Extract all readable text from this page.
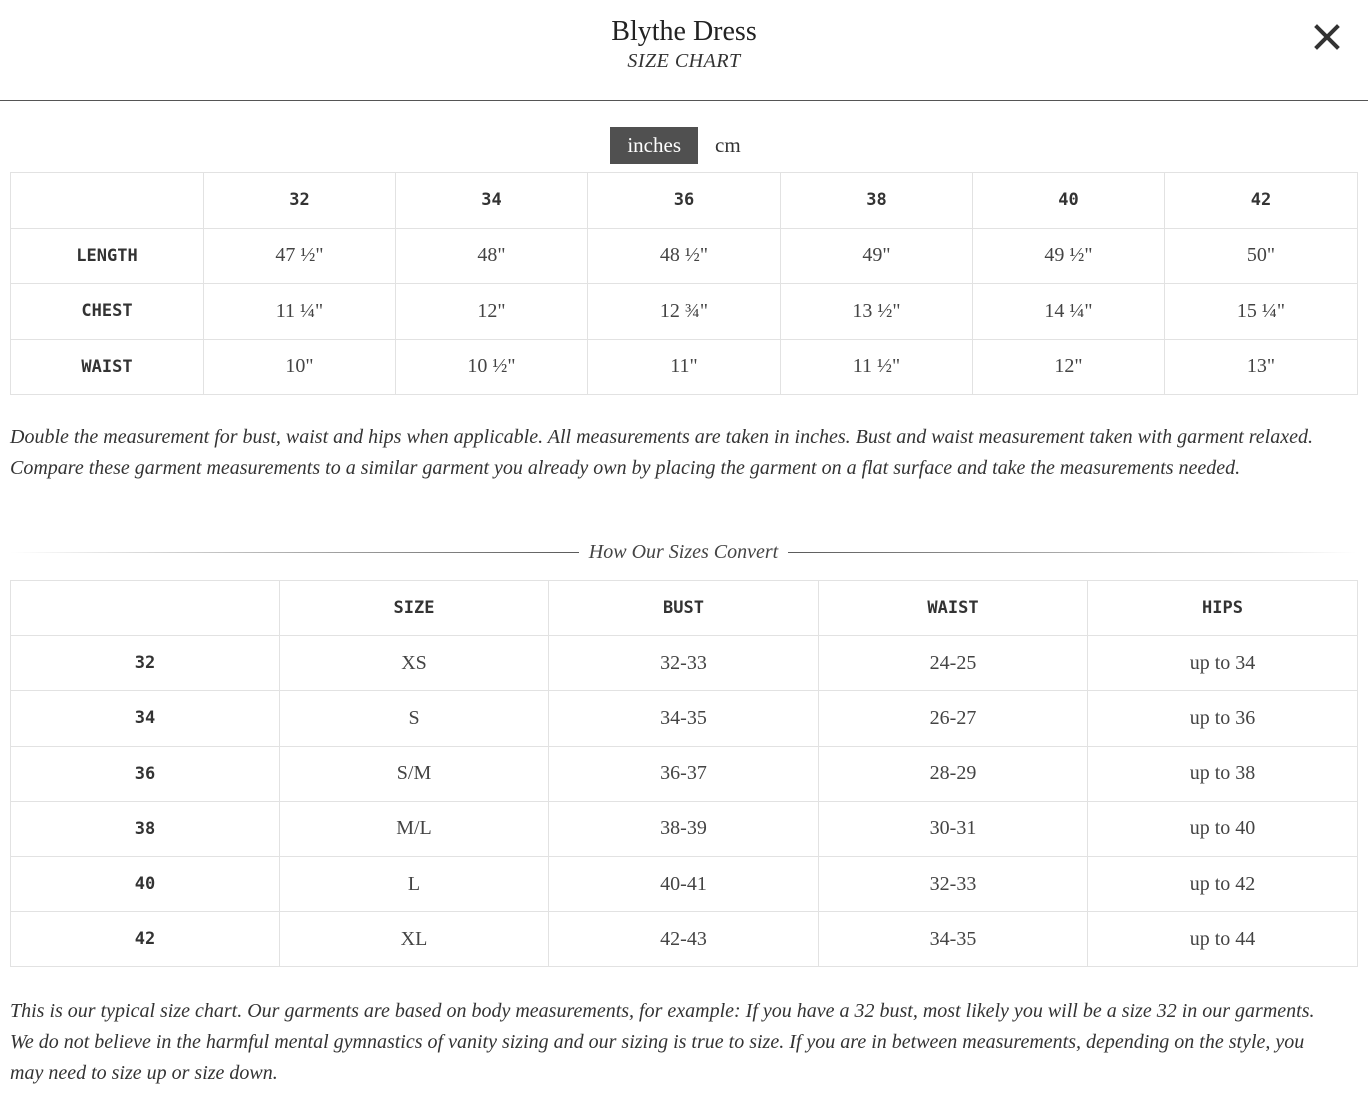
Blythe Dress
SIZE CHART
inches cm
	32	34	36	38	40	42
LENGTH	47 ½"	48"	48 ½"	49"	49 ½"	50"
CHEST	11 ¼"	12"	12 ¾"	13 ½"	14 ¼"	15 ¼"
WAIST	10"	10 ½"	11"	11 ½"	12"	13"

Double the measurement for bust, waist and hips when applicable. All measurements are taken in inches. Bust and waist measurement taken with garment relaxed. Compare these garment measurements to a similar garment you already own by placing the garment on a flat surface and take the measurements needed.

How Our Sizes Convert
	SIZE	BUST	WAIST	HIPS
32	XS	32-33	24-25	up to 34
34	S	34-35	26-27	up to 36
36	S/M	36-37	28-29	up to 38
38	M/L	38-39	30-31	up to 40
40	L	40-41	32-33	up to 42
42	XL	42-43	34-35	up to 44

This is our typical size chart. Our garments are based on body measurements, for example: If you have a 32 bust, most likely you will be a size 32 in our garments. We do not believe in the harmful mental gymnastics of vanity sizing and our sizing is true to size. If you are in between measurements, depending on the style, you may need to size up or size down.
